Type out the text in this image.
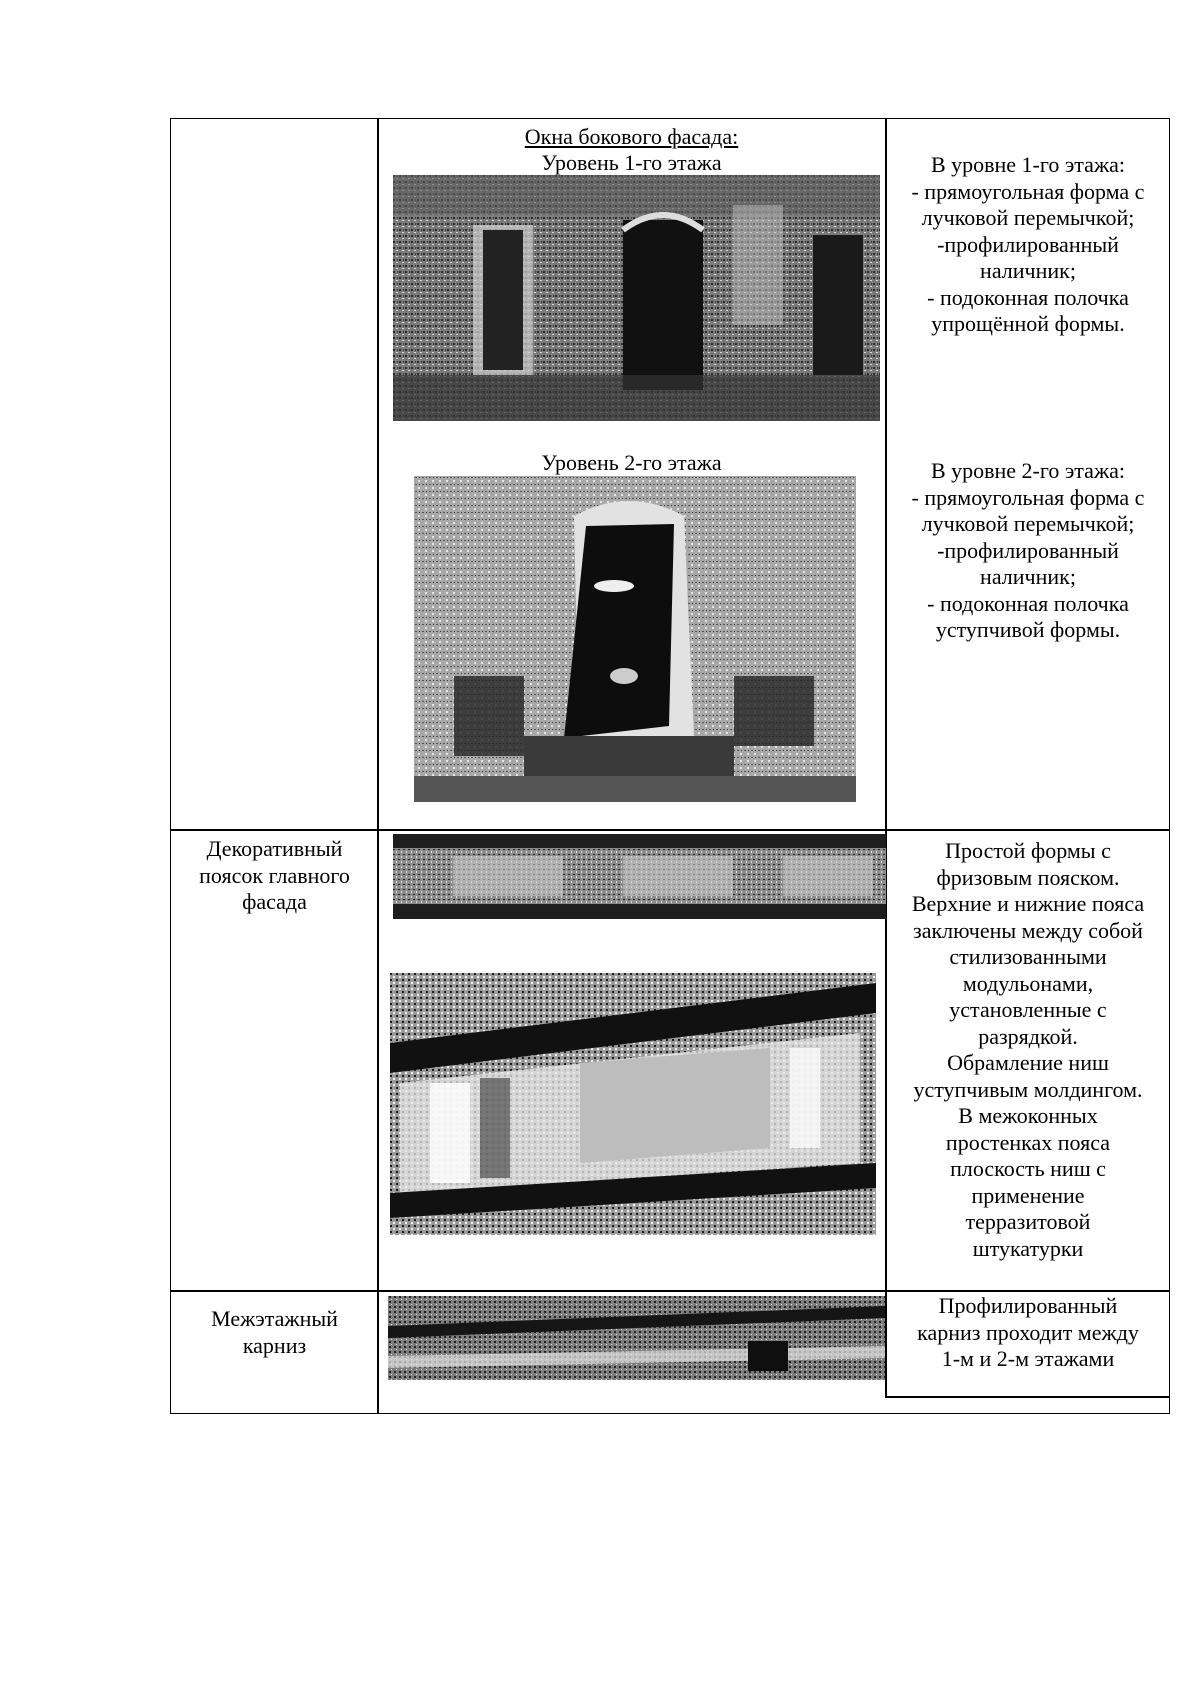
Окна бокового фасада:
Уровень 1-го этажа	В уровне 1-го этажа:
- прямоугольная форма с
лучковой перемычкой;
-профилированный
наличник;
- подоконная полочка
упрощённой формы.
Уровень 2-го этажа	В уровне 2-го этажа:
- прямоугольная форма с
лучковой перемычкой;
-профилированный
наличник;
- подоконная полочка
уступчивой формы.
Декоративный
поясок главного
фасада
Простой формы с
фризовым пояском.
Верхние и нижние пояса
заключены между собой
стилизованными
модульонами,
установленные с
разрядкой.
Обрамление ниш
уступчивым молдингом.
В межоконных
простенках пояса
плоскость ниш с
применение
терразитовой
штукатурки
Межэтажный
карниз
Профилированный
карниз проходит между
1-м и 2-м этажами
